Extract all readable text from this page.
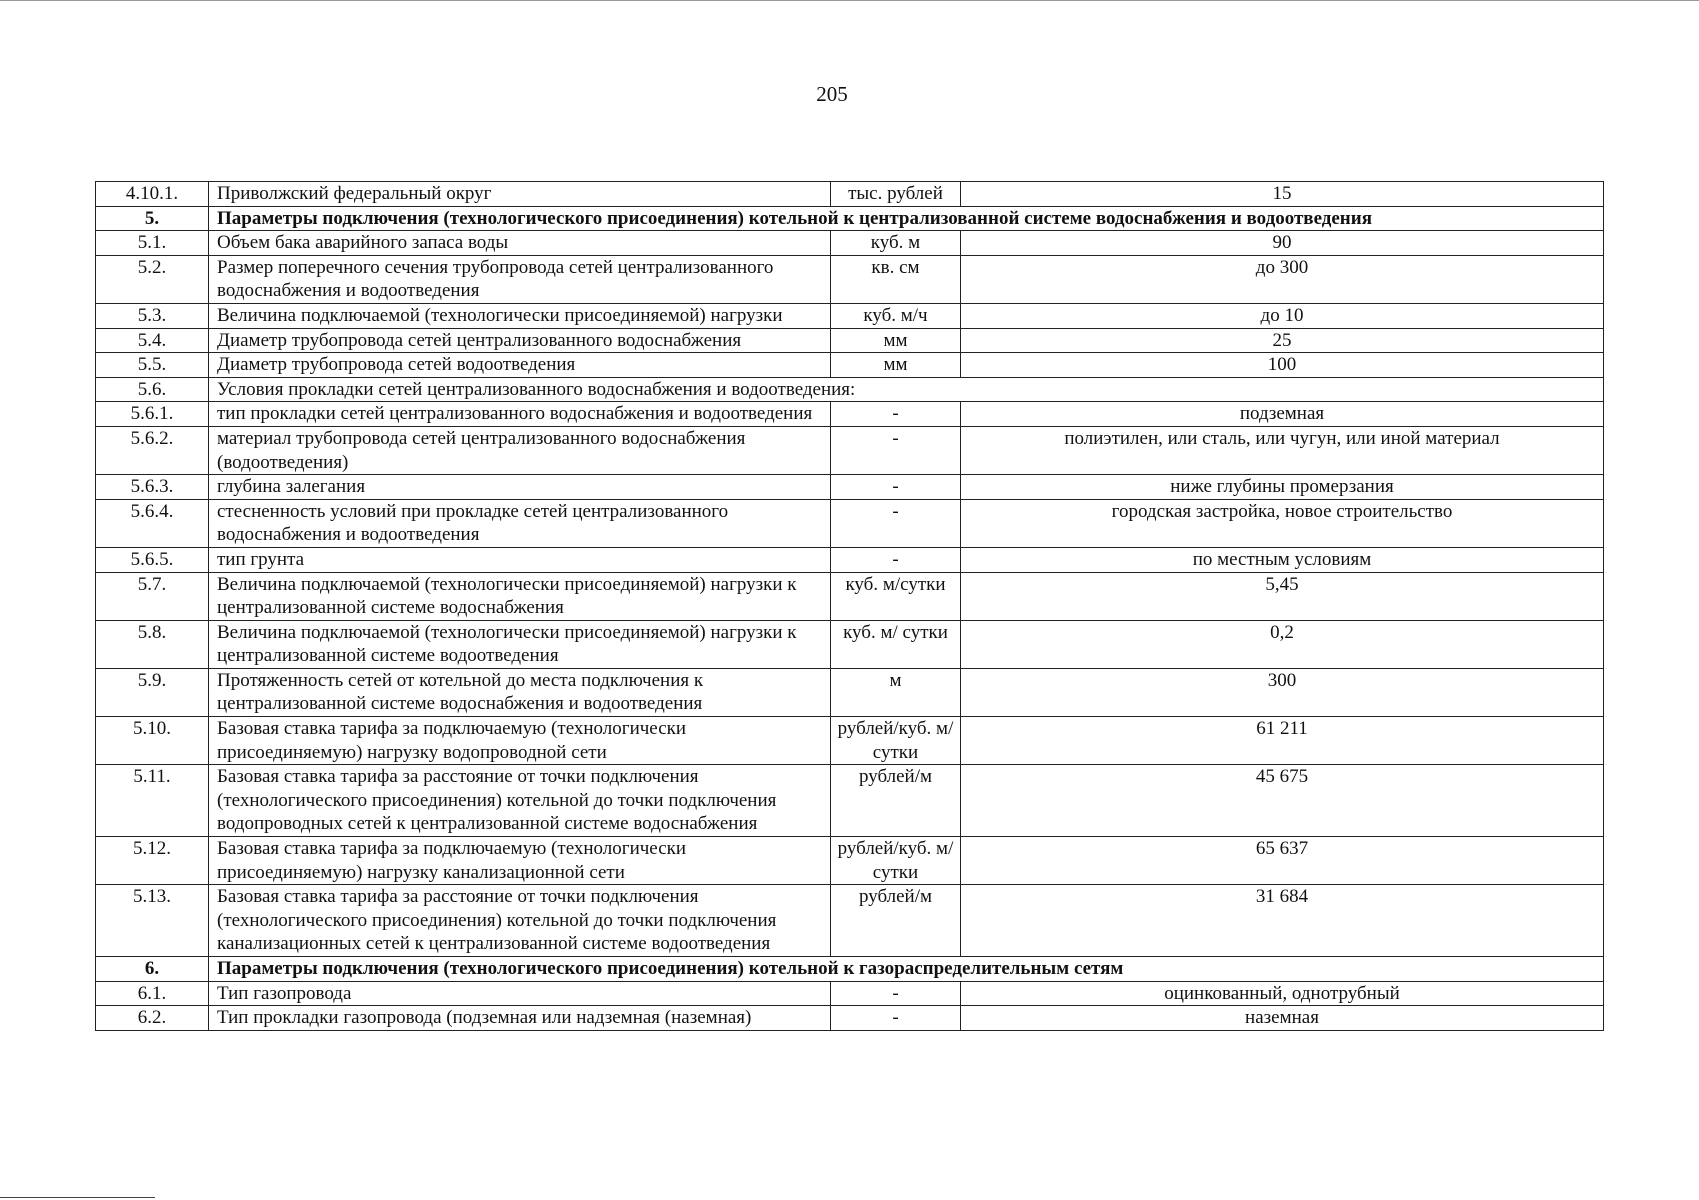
205
4.10.1.	Приволжский федеральный округ	тыс. рублей	15
5.	Параметры подключения (технологического присоединения) котельной к централизованной системе водоснабжения и водоотведения		
5.1.	Объем бака аварийного запаса воды	куб. м	90
5.2.	Размер поперечного сечения трубопровода сетей централизованного водоснабжения и водоотведения	кв. см	до 300
5.3.	Величина подключаемой (технологически присоединяемой) нагрузки	куб. м/ч	до 10
5.4.	Диаметр трубопровода сетей централизованного водоснабжения	мм	25
5.5.	Диаметр трубопровода сетей водоотведения	мм	100
5.6.	Условия прокладки сетей централизованного водоснабжения и водоотведения:		
5.6.1.	тип прокладки сетей централизованного водоснабжения и водоотведения	-	подземная
5.6.2.	материал трубопровода сетей централизованного водоснабжения (водоотведения)	-	полиэтилен, или сталь, или чугун, или иной материал
5.6.3.	глубина залегания	-	ниже глубины промерзания
5.6.4.	стесненность условий при прокладке сетей централизованного водоснабжения и водоотведения	-	городская застройка, новое строительство
5.6.5.	тип грунта	-	по местным условиям
5.7.	Величина подключаемой (технологически присоединяемой) нагрузки к централизованной системе водоснабжения	куб. м/сутки	5,45
5.8.	Величина подключаемой (технологически присоединяемой) нагрузки к централизованной системе водоотведения	куб. м/ сутки	0,2
5.9.	Протяженность сетей от котельной до места подключения к централизованной системе водоснабжения и водоотведения	м	300
5.10.	Базовая ставка тарифа за подключаемую (технологически присоединяемую) нагрузку водопроводной сети	рублей/куб. м/сутки	61 211
5.11.	Базовая ставка тарифа за расстояние от точки подключения (технологического присоединения) котельной до точки подключения водопроводных сетей к централизованной системе водоснабжения	рублей/м	45 675
5.12.	Базовая ставка тарифа за подключаемую (технологически присоединяемую) нагрузку канализационной сети	рублей/куб. м/сутки	65 637
5.13.	Базовая ставка тарифа за расстояние от точки подключения (технологического присоединения) котельной до точки подключения канализационных сетей к централизованной системе водоотведения	рублей/м	31 684
6.	Параметры подключения (технологического присоединения) котельной к газораспределительным сетям		
6.1.	Тип газопровода	-	оцинкованный, однотрубный
6.2.	Тип прокладки газопровода (подземная или надземная (наземная)	-	наземная
